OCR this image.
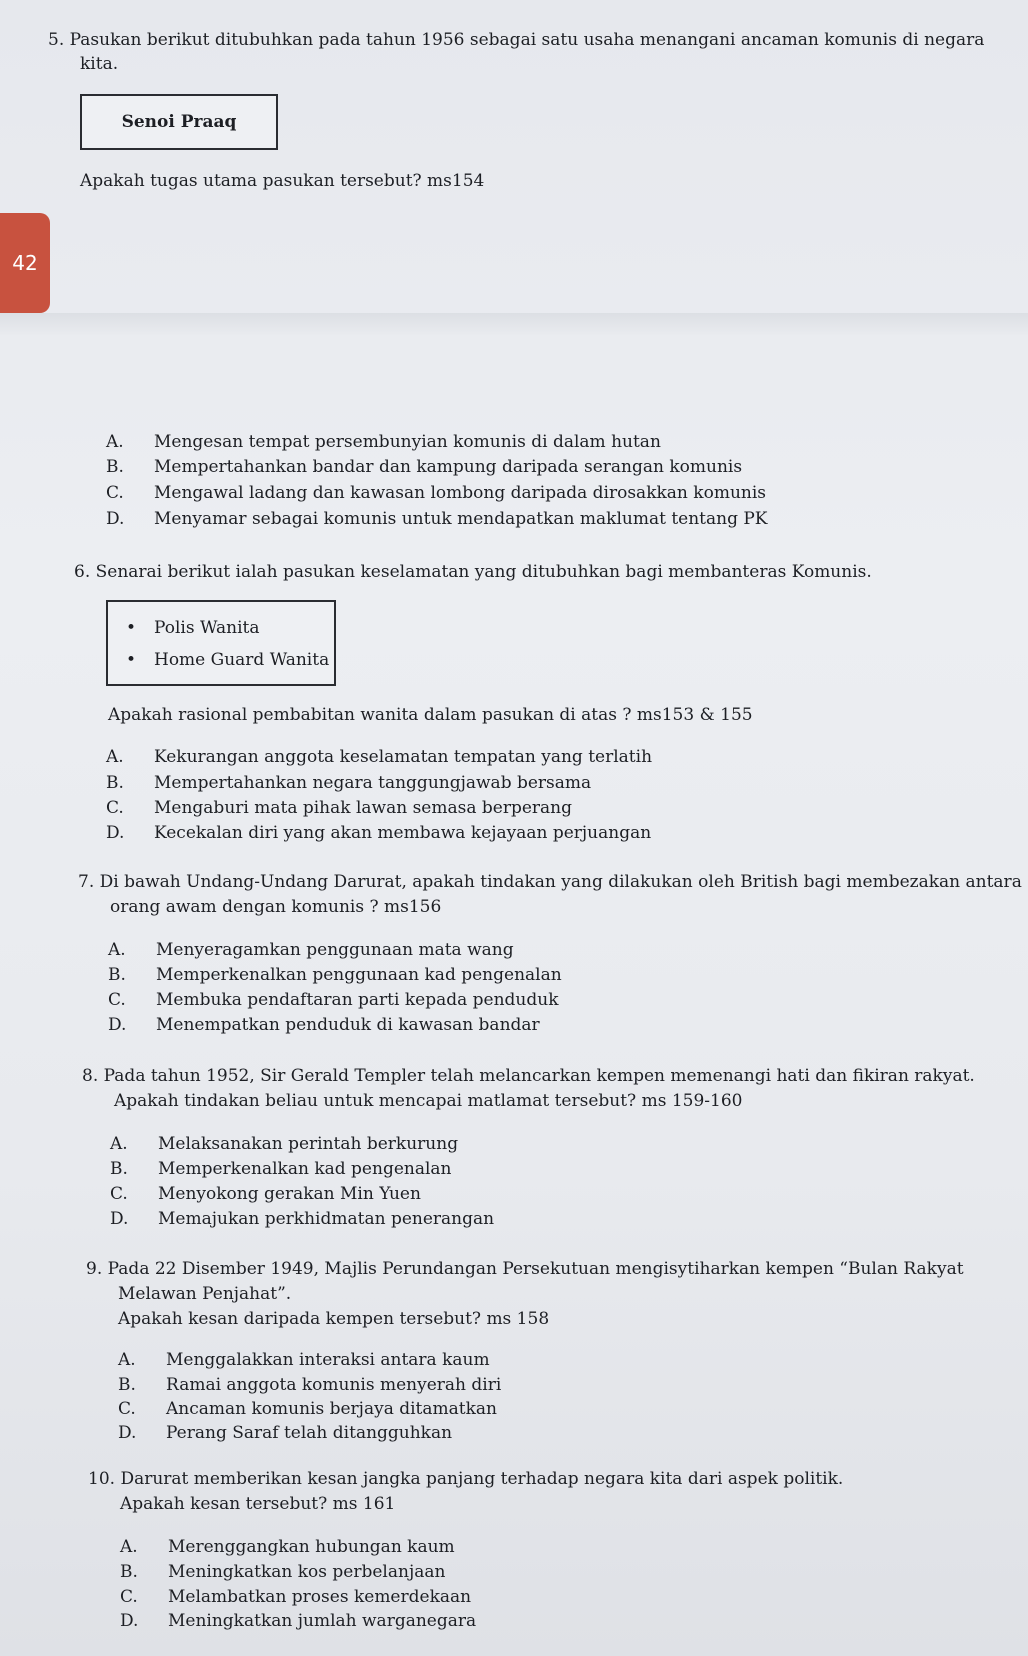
5. Pasukan berikut ditubuhkan pada tahun 1956 sebagai satu usaha menangani ancaman komunis di negara
kita.
Senoi Praaq
Apakah tugas utama pasukan tersebut? ms154
42
A. Mengesan tempat persembunyian komunis di dalam hutan
B. Mempertahankan bandar dan kampung daripada serangan komunis
C. Mengawal ladang dan kawasan lombong daripada dirosakkan komunis
D. Menyamar sebagai komunis untuk mendapatkan maklumat tentang PK
6. Senarai berikut ialah pasukan keselamatan yang ditubuhkan bagi membanteras Komunis.
• Polis Wanita
• Home Guard Wanita
Apakah rasional pembabitan wanita dalam pasukan di atas ? ms153 & 155
A. Kekurangan anggota keselamatan tempatan yang terlatih
B. Mempertahankan negara tanggungjawab bersama
C. Mengaburi mata pihak lawan semasa berperang
D. Kecekalan diri yang akan membawa kejayaan perjuangan
7. Di bawah Undang-Undang Darurat, apakah tindakan yang dilakukan oleh British bagi membezakan antara
orang awam dengan komunis ? ms156
A. Menyeragamkan penggunaan mata wang
B. Memperkenalkan penggunaan kad pengenalan
C. Membuka pendaftaran parti kepada penduduk
D. Menempatkan penduduk di kawasan bandar
8. Pada tahun 1952, Sir Gerald Templer telah melancarkan kempen memenangi hati dan fikiran rakyat.
Apakah tindakan beliau untuk mencapai matlamat tersebut? ms 159-160
A. Melaksanakan perintah berkurung
B. Memperkenalkan kad pengenalan
C. Menyokong gerakan Min Yuen
D. Memajukan perkhidmatan penerangan
9. Pada 22 Disember 1949, Majlis Perundangan Persekutuan mengisytiharkan kempen “Bulan Rakyat
Melawan Penjahat”.
Apakah kesan daripada kempen tersebut? ms 158
A. Menggalakkan interaksi antara kaum
B. Ramai anggota komunis menyerah diri
C. Ancaman komunis berjaya ditamatkan
D. Perang Saraf telah ditangguhkan
10. Darurat memberikan kesan jangka panjang terhadap negara kita dari aspek politik.
Apakah kesan tersebut? ms 161
A. Merenggangkan hubungan kaum
B. Meningkatkan kos perbelanjaan
C. Melambatkan proses kemerdekaan
D. Meningkatkan jumlah warganegara
